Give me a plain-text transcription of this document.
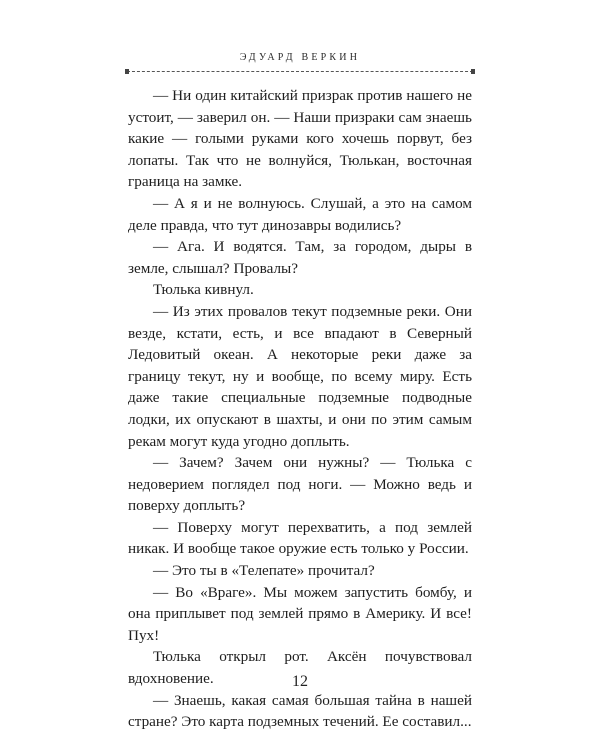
ЭДУАРД ВЕРКИН

— Ни один китайский призрак против нашего не устоит, — заверил он. — Наши призраки сам знаешь какие — голыми руками кого хочешь порвут, без лопаты. Так что не волнуйся, Тюлькан, восточная граница на замке.

— А я и не волнуюсь. Слушай, а это на самом деле правда, что тут динозавры водились?

— Ага. И водятся. Там, за городом, дыры в земле, слышал? Провалы?

Тюлька кивнул.

— Из этих провалов текут подземные реки. Они везде, кстати, есть, и все впадают в Северный Ледовитый океан. А некоторые реки даже за границу текут, ну и вообще, по всему миру. Есть даже такие специальные подземные подводные лодки, их опускают в шахты, и они по этим самым рекам могут куда угодно доплыть.

— Зачем? Зачем они нужны? — Тюлька с недоверием поглядел под ноги. — Можно ведь и поверху доплыть?

— Поверху могут перехватить, а под землей никак. И вообще такое оружие есть только у России.

— Это ты в «Телепате» прочитал?

— Во «Враге». Мы можем запустить бомбу, и она приплывет под землей прямо в Америку. И все! Пух!

Тюлька открыл рот. Аксён почувствовал вдохновение.

— Знаешь, какая самая большая тайна в нашей стране? Это карта подземных течений. Ее составил...

12
